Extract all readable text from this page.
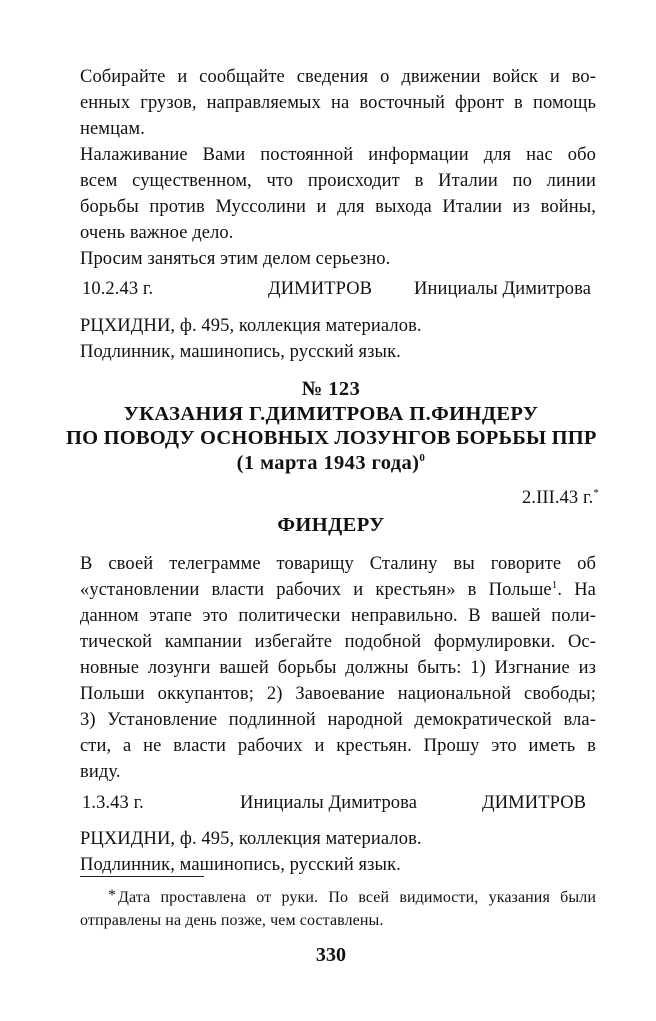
Собирайте и сообщайте сведения о движении войск и во-
енных грузов, направляемых на восточный фронт в помощь
немцам.
Налаживание Вами постоянной информации для нас обо
всем существенном, что происходит в Италии по линии
борьбы против Муссолини и для выхода Италии из войны,
очень важное дело.
Просим заняться этим делом серьезно.
10.2.43 г.	ДИМИТРОВ Инициалы Димитрова
РЦХИДНИ, ф. 495, коллекция материалов.
Подлинник, машинопись, русский язык.
№ 123
УКАЗАНИЯ Г.ДИМИТРОВА П.ФИНДЕРУ
ПО ПОВОДУ ОСНОВНЫХ ЛОЗУНГОВ БОРЬБЫ ППР
(1 марта 1943 года)$^0$
2.III.43 г.*
ФИНДЕРУ
В своей телеграмме товарищу Сталину вы говорите об
«установлении власти рабочих и крестьян» в Польше$^1$. На
данном этапе это политически неправильно. В вашей поли-
тической кампании избегайте подобной формулировки. Ос-
новные лозунги вашей борьбы должны быть: 1) Изгнание из
Польши оккупантов; 2) Завоевание национальной свободы;
3) Установление подлинной народной демократической вла-
сти, а не власти рабочих и крестьян. Прошу это иметь в
виду.
1.3.43 г.	Инициалы Димитрова	ДИМИТРОВ
РЦХИДНИ, ф. 495, коллекция материалов.
Подлинник, машинопись, русский язык.
* Дата проставлена от руки. По всей видимости, указания были
отправлены на день позже, чем составлены.
330
